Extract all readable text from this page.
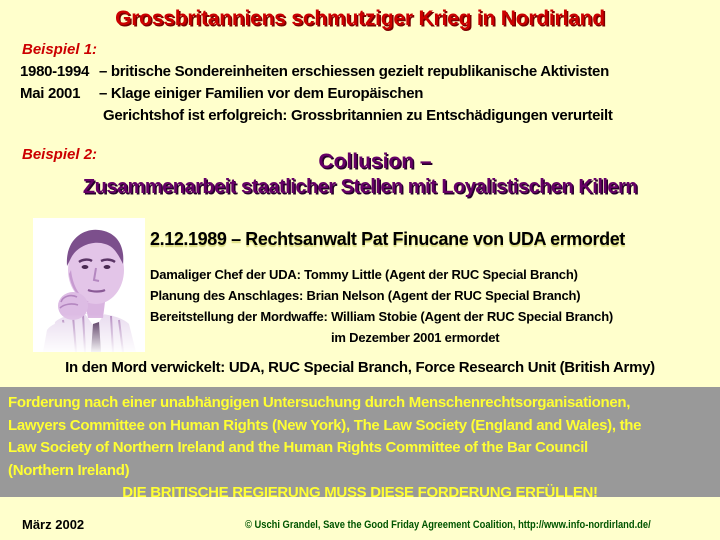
Grossbritanniens schmutziger Krieg in Nordirland
Beispiel 1:
1980-1994 – britische Sondereinheiten erschiessen gezielt republikanische Aktivisten
Mai 2001 – Klage einiger Familien vor dem Europäischen
Gerichtshof ist erfolgreich: Grossbritannien zu Entschädigungen verurteilt
Beispiel 2:	Collusion –
Zusammenarbeit staatlicher Stellen mit Loyalistischen Killern
2.12.1989 – Rechtsanwalt Pat Finucane von UDA ermordet
Damaliger Chef der UDA: Tommy Little (Agent der RUC Special Branch)
Planung des Anschlages: Brian Nelson (Agent der RUC Special Branch)
Bereitstellung der Mordwaffe: William Stobie (Agent der RUC Special Branch)
im Dezember 2001 ermordet
In den Mord verwickelt: UDA, RUC Special Branch, Force Research Unit (British Army)
Forderung nach einer unabhängigen Untersuchung durch Menschenrechtsorganisationen,
Lawyers Committee on Human Rights (New York), The Law Society (England and Wales), the
Law Society of Northern Ireland and the Human Rights Committee of the Bar Council
(Northern Ireland)
DIE BRITISCHE REGIERUNG MUSS DIESE FORDERUNG ERFÜLLEN!
März 2002	© Uschi Grandel, Save the Good Friday Agreement Coalition, http://www.info-nordirland.de/
